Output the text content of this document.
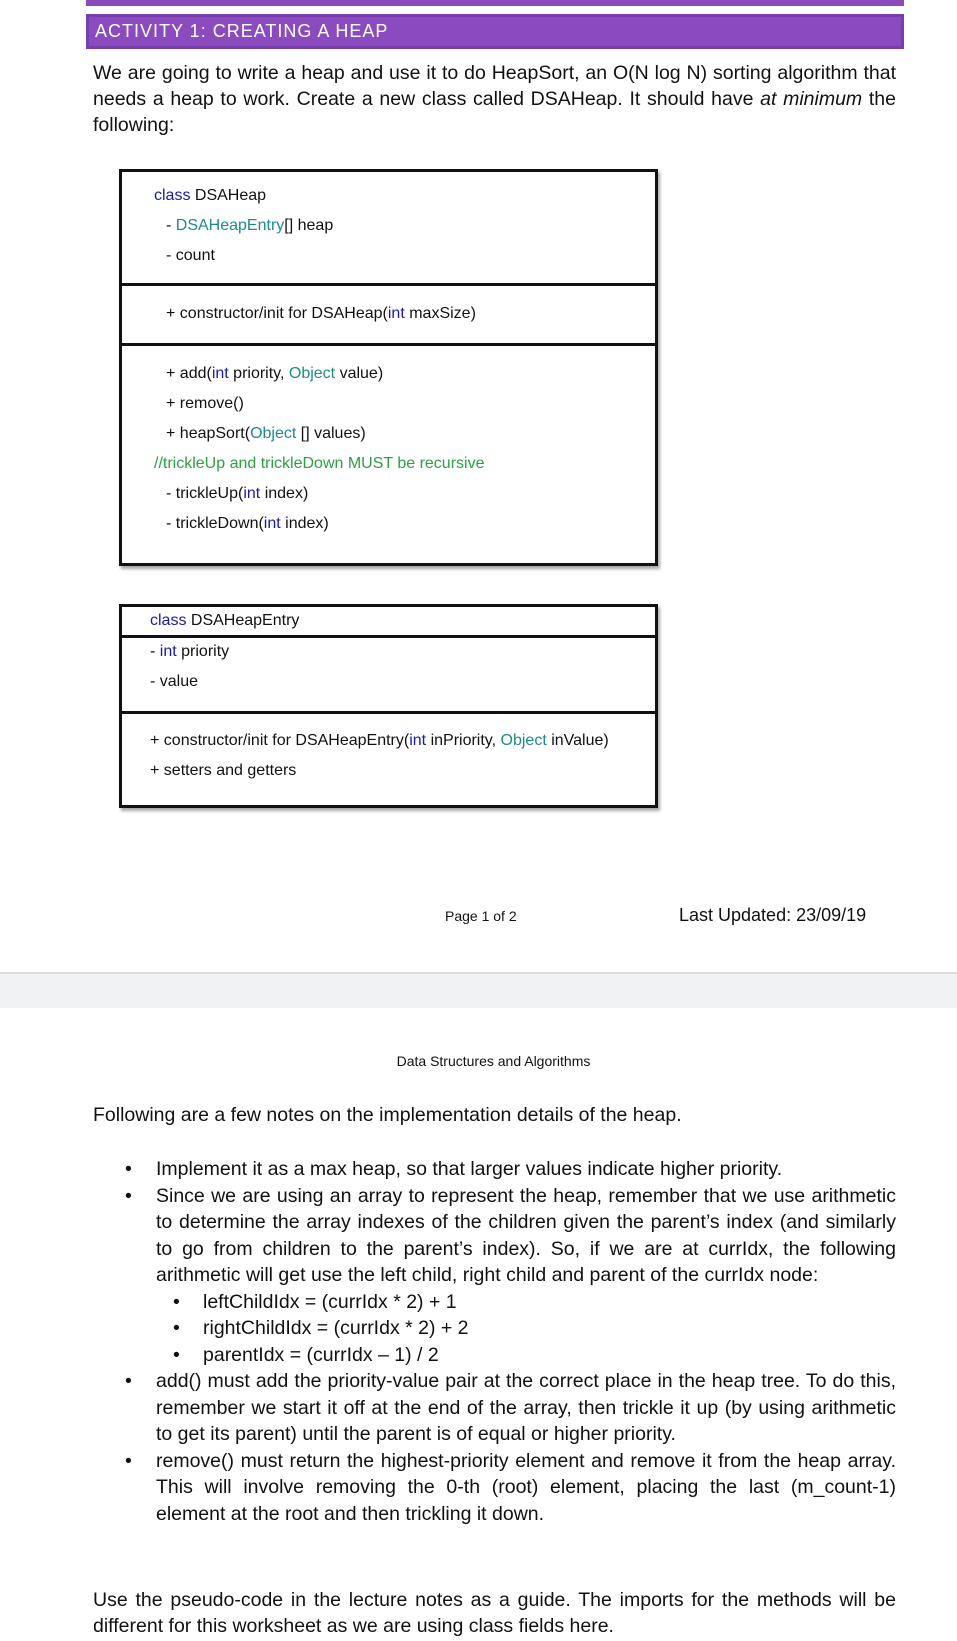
ACTIVITY 1: CREATING A HEAP

We are going to write a heap and use it to do HeapSort, an O(N log N) sorting algorithm that needs a heap to work. Create a new class called DSAHeap. It should have at minimum the following:

class DSAHeap
- DSAHeapEntry[] heap
- count
+ constructor/init for DSAHeap(int maxSize)
+ add(int priority, Object value)
+ remove()
+ heapSort(Object [] values)
//trickleUp and trickleDown MUST be recursive
- trickleUp(int index)
- trickleDown(int index)
class DSAHeapEntry
- int priority
- value
+ constructor/init for DSAHeapEntry(int inPriority, Object inValue)
+ setters and getters
Page 1 of 2	Last Updated: 23/09/19
Data Structures and Algorithms

Following are a few notes on the implementation details of the heap.

• Implement it as a max heap, so that larger values indicate higher priority.
• Since we are using an array to represent the heap, remember that we use arithmetic to determine the array indexes of the children given the parent’s index (and similarly to go from children to the parent’s index). So, if we are at currIdx, the following arithmetic will get use the left child, right child and parent of the currIdx node:
• leftChildIdx = (currIdx * 2) + 1
• rightChildIdx = (currIdx * 2) + 2
• parentIdx = (currIdx – 1) / 2
• add() must add the priority-value pair at the correct place in the heap tree. To do this, remember we start it off at the end of the array, then trickle it up (by using arithmetic to get its parent) until the parent is of equal or higher priority.
• remove() must return the highest-priority element and remove it from the heap array. This will involve removing the 0-th (root) element, placing the last (m_count-1) element at the root and then trickling it down.

Use the pseudo-code in the lecture notes as a guide. The imports for the methods will be different for this worksheet as we are using class fields here.
